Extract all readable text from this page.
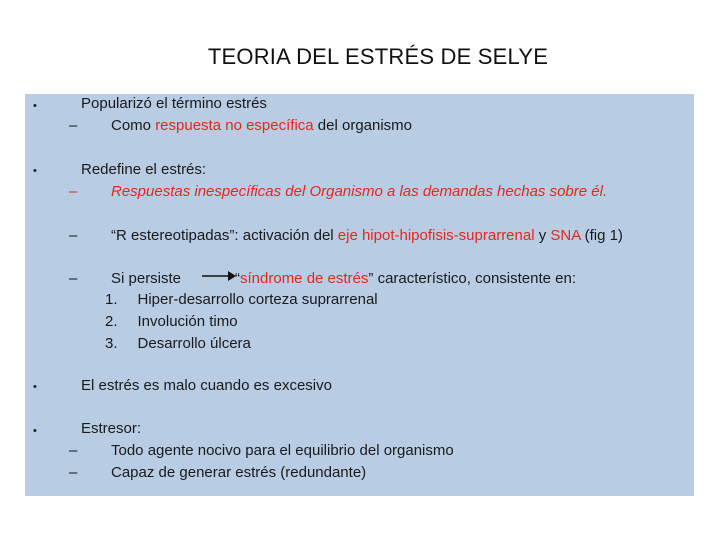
TEORIA DEL ESTRÉS DE SELYE
•	Popularizó el término estrés
– Como respuesta no específica del organismo
•	Redefine el estrés:
– Respuestas inespecíficas del Organismo a las demandas hechas sobre él.
– “R estereotipadas”: activación del eje hipot-hipofisis-suprarrenal y SNA (fig 1)
– Si persiste	“síndrome de estrés” característico, consistente en:
1. Hiper-desarrollo corteza suprarrenal
2. Involución timo
3. Desarrollo úlcera
•	El estrés es malo cuando es excesivo
•	Estresor:
– Todo agente nocivo para el equilibrio del organismo
– Capaz de generar estrés (redundante)
